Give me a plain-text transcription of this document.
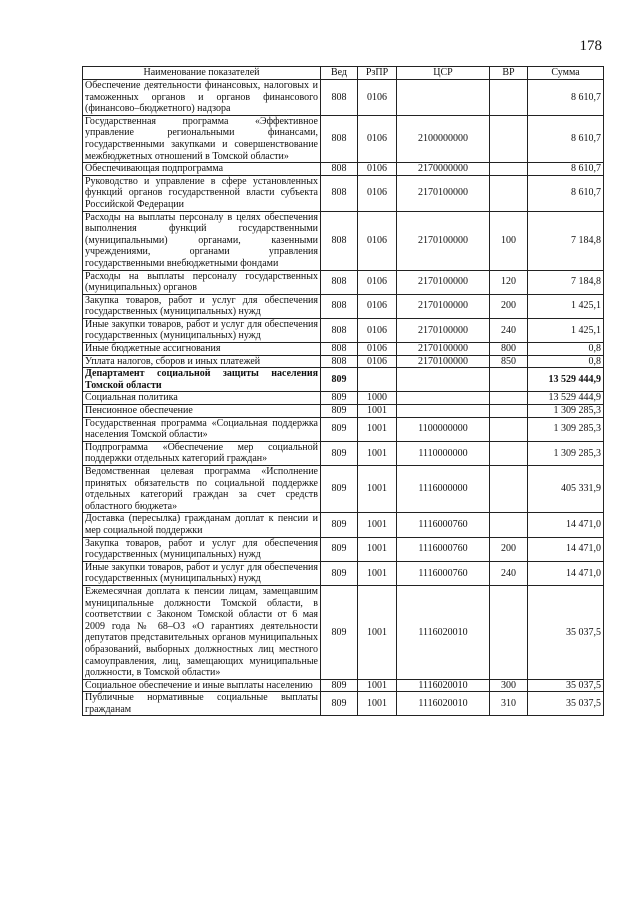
178
Наименование показателей	Вед	РзПР	ЦСР	ВР	Сумма
Обеспечение деятельности финансовых, налоговых и таможенных органов и органов финансового (финансово–бюджетного) надзора	808	0106			8 610,7
Государственная программа «Эффективное управление региональными финансами, государственными закупками и совершенствование межбюджетных отношений в Томской области»	808	0106	2100000000		8 610,7
Обеспечивающая подпрограмма	808	0106	2170000000		8 610,7
Руководство и управление в сфере установленных функций органов государственной власти субъекта Российской Федерации	808	0106	2170100000		8 610,7
Расходы на выплаты персоналу в целях обеспечения выполнения функций государственными (муниципальными) органами, казенными учреждениями, органами управления государственными внебюджетными фондами	808	0106	2170100000	100	7 184,8
Расходы на выплаты персоналу государственных (муниципальных) органов	808	0106	2170100000	120	7 184,8
Закупка товаров, работ и услуг для обеспечения государственных (муниципальных) нужд	808	0106	2170100000	200	1 425,1
Иные закупки товаров, работ и услуг для обеспечения государственных (муниципальных) нужд	808	0106	2170100000	240	1 425,1
Иные бюджетные ассигнования	808	0106	2170100000	800	0,8
Уплата налогов, сборов и иных платежей	808	0106	2170100000	850	0,8
Департамент социальной защиты населения Томской области	809				13 529 444,9
Социальная политика	809	1000			13 529 444,9
Пенсионное обеспечение	809	1001			1 309 285,3
Государственная программа «Социальная поддержка населения Томской области»	809	1001	1100000000		1 309 285,3
Подпрограмма «Обеспечение мер социальной поддержки отдельных категорий граждан»	809	1001	1110000000		1 309 285,3
Ведомственная целевая программа «Исполнение принятых обязательств по социальной поддержке отдельных категорий граждан за счет средств областного бюджета»	809	1001	1116000000		405 331,9
Доставка (пересылка) гражданам доплат к пенсии и мер социальной поддержки	809	1001	1116000760		14 471,0
Закупка товаров, работ и услуг для обеспечения государственных (муниципальных) нужд	809	1001	1116000760	200	14 471,0
Иные закупки товаров, работ и услуг для обеспечения государственных (муниципальных) нужд	809	1001	1116000760	240	14 471,0
Ежемесячная доплата к пенсии лицам, замещавшим муниципальные должности Томской области, в соответствии с Законом Томской области от 6 мая 2009 года № 68–ОЗ «О гарантиях деятельности депутатов представительных органов муниципальных образований, выборных должностных лиц местного самоуправления, лиц, замещающих муниципальные должности, в Томской области»	809	1001	1116020010		35 037,5
Социальное обеспечение и иные выплаты населению	809	1001	1116020010	300	35 037,5
Публичные нормативные социальные выплаты гражданам	809	1001	1116020010	310	35 037,5
